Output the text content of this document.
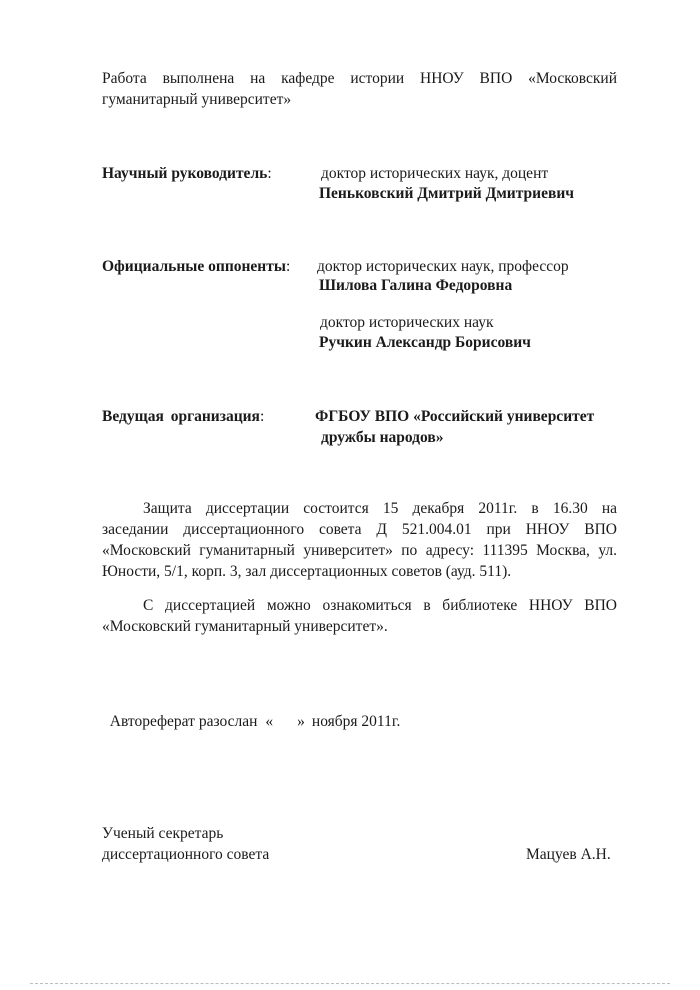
Работа выполнена на кафедре истории ННОУ ВПО «Московский
гуманитарный университет»
Научный руководитель:	доктор исторических наук, доцент
Пеньковский Дмитрий Дмитриевич
Официальные оппоненты: доктор исторических наук, профессор
Шилова Галина Федоровна
доктор исторических наук
Ручкин Александр Борисович
Ведущая организация:	ФГБОУ ВПО «Российский университет
дружбы народов»
Защита диссертации состоится 15 декабря 2011г. в 16.30 на
заседании диссертационного совета Д 521.004.01 при ННОУ ВПО
«Московский гуманитарный университет» по адресу: 111395 Москва, ул.
Юности, 5/1, корп. 3, зал диссертационных советов (ауд. 511).
С диссертацией можно ознакомиться в библиотеке ННОУ ВПО
«Московский гуманитарный университет».

Автореферат разослан « » ноября 2011г.

Ученый секретарь
диссертационного совета	Мацуев А.Н.
